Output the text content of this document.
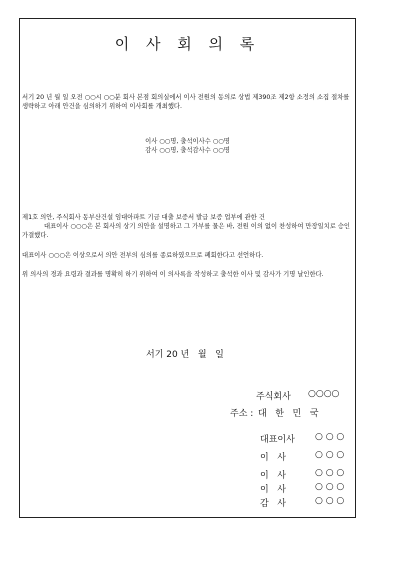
이 사 회 의 록
서기 20 년 월 일 오전 ○○시 ○○분 회사 본점 회의실에서 이사 전원의 동의로 상법 제390조 제2항 소정의 소집 절차를 생략하고 아래 안건을 심의하기 위하여 이사회를 개최했다.
이사 ○○명, 출석이사수 ○○명
감사 ○○명, 출석감사수 ○○명
제1호 의안, 주식회사 동부산건설 임대아파트 기금 대출 보증서 발급 보증 업부에 관한 건
대표이사 ○○○은 본 회사의 상기 의안을 설명하고 그 가부를 물은 바, 전원 이의 없이 찬성하여 만장일치로 승인 가결했다.
대표이사 ○○○은 이상으로서 의안 전부의 심의를 종료하였으므로 폐회한다고 선언하다.
위 의사의 경과 요령과 결과를 명확히 하기 위하여 이 의사록을 작성하고 출석한 이사 및 감사가 기명 날인한다.
서기 20 년   월   일
주식회사 ○○○○
주소 : 대   한   민   국
대표이사 ○ ○ ○
이   사	○ ○ ○
이   사	○ ○ ○
이   사	○ ○ ○
감   사	○ ○ ○
